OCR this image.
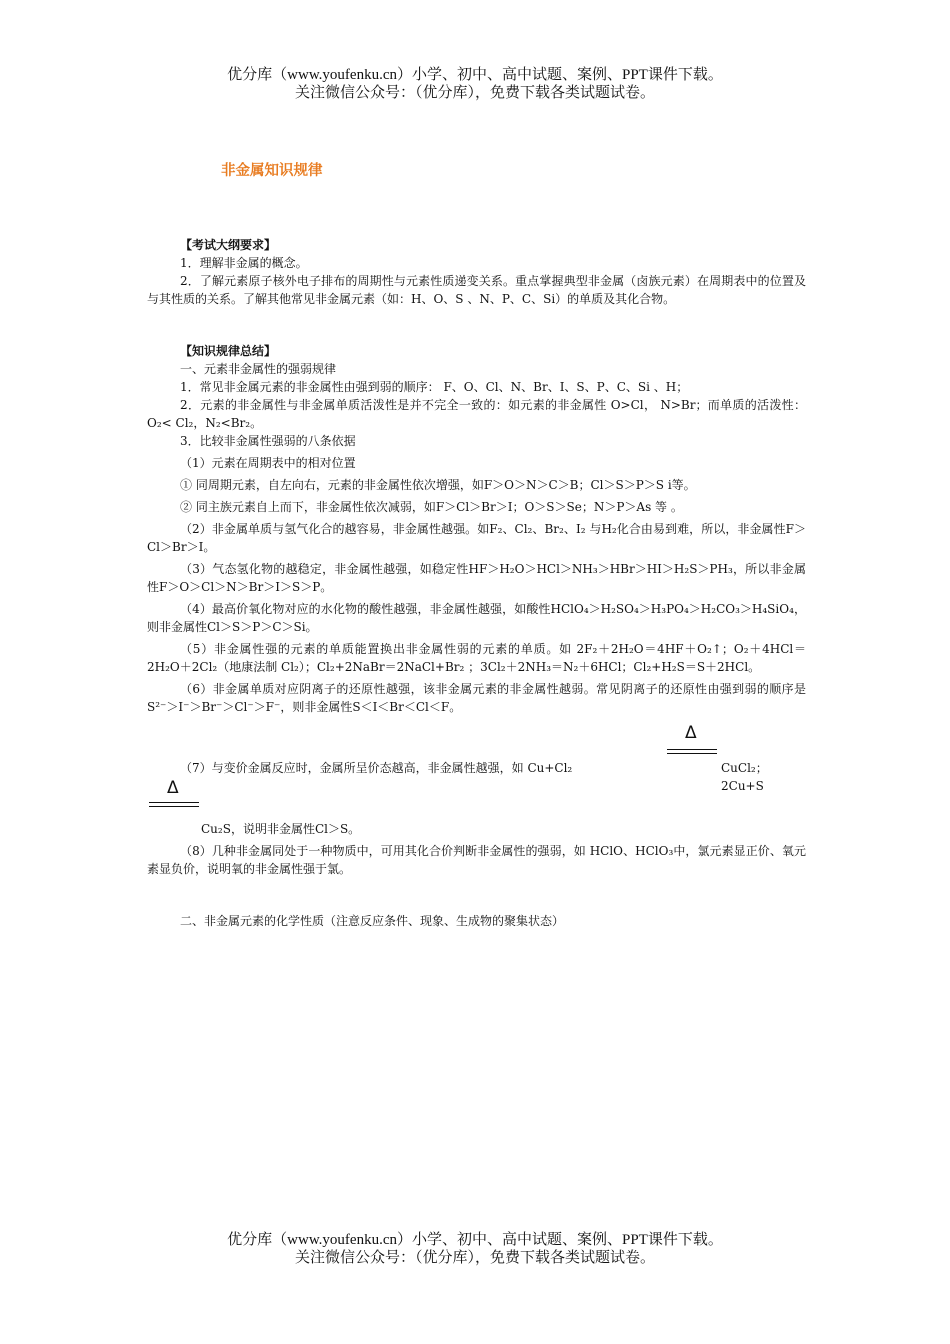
优分库（www.youfenku.cn）小学、初中、高中试题、案例、PPT课件下载。
关注微信公众号：（优分库），免费下载各类试题试卷。
非金属知识规律

【考试大纲要求】

1．理解非金属的概念。

2．了解元素原子核外电子排布的周期性与元素性质递变关系。重点掌握典型非金属（卤族元素）在周期表中的位置及与其性质的关系。了解其他常见非金属元素（如：H、O、S 、N、P、C、Si）的单质及其化合物。

【知识规律总结】

一、元素非金属性的强弱规律

1．常见非金属元素的非金属性由强到弱的顺序： F、O、Cl、N、Br、I、S、P、C、Si 、H；

2．元素的非金属性与非金属单质活泼性是并不完全一致的：如元素的非金属性 O>Cl， N>Br；而单质的活泼性：O₂< Cl₂，N₂<Br₂。

3．比较非金属性强弱的八条依据

（1）元素在周期表中的相对位置

① 同周期元素，自左向右，元素的非金属性依次增强，如F＞O＞N＞C＞B；Cl＞S＞P＞S i等。

② 同主族元素自上而下，非金属性依次减弱，如F＞Cl＞Br＞I；O＞S＞Se；N＞P＞As 等 。

（2）非金属单质与氢气化合的越容易，非金属性越强。如F₂、Cl₂、Br₂、I₂ 与H₂化合由易到难，所以，非金属性F＞Cl＞Br＞I。

（3）气态氢化物的越稳定，非金属性越强，如稳定性HF＞H₂O＞HCl＞NH₃＞HBr＞HI＞H₂S＞PH₃，所以非金属性F＞O＞Cl＞N＞Br＞I＞S＞P。

（4）最高价氧化物对应的水化物的酸性越强，非金属性越强，如酸性HClO₄＞H₂SO₄＞H₃PO₄＞H₂CO₃＞H₄SiO₄，则非金属性Cl＞S＞P＞C＞Si。

（5）非金属性强的元素的单质能置换出非金属性弱的元素的单质。如 2F₂＋2H₂O＝4HF＋O₂↑；O₂＋4HCl＝2H₂O＋2Cl₂（地康法制 Cl₂）；Cl₂+2NaBr＝2NaCl+Br₂ ；3Cl₂＋2NH₃＝N₂＋6HCl；Cl₂+H₂S＝S＋2HCl。

（6）非金属单质对应阴离子的还原性越强，该非金属元素的非金属性越弱。常见阴离子的还原性由强到弱的顺序是S²⁻＞I⁻＞Br⁻＞Cl⁻＞F⁻，则非金属性S＜I＜Br＜Cl＜F。

Δ
（7）与变价金属反应时，金属所呈价态越高，非金属性越强，如 Cu+Cl₂	CuCl₂；2Cu+S
Δ

Cu₂S，说明非金属性Cl＞S。

（8）几种非金属同处于一种物质中，可用其化合价判断非金属性的强弱，如 HClO、HClO₃中，氯元素显正价、氧元素显负价，说明氧的非金属性强于氯。

二、非金属元素的化学性质（注意反应条件、现象、生成物的聚集状态）

优分库（www.youfenku.cn）小学、初中、高中试题、案例、PPT课件下载。
关注微信公众号：（优分库），免费下载各类试题试卷。
